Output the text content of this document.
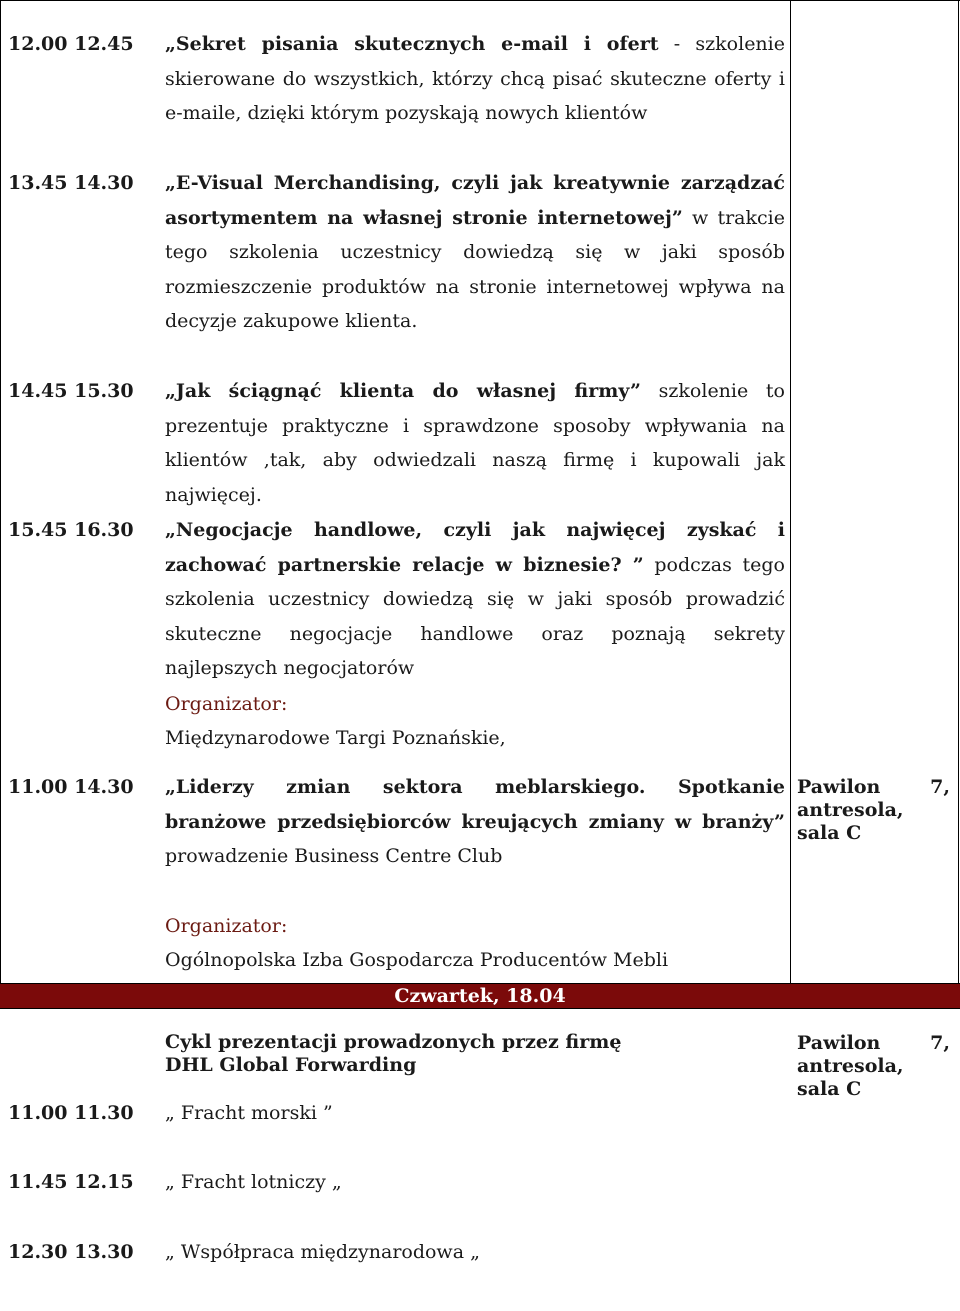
12.00 12.45 „Sekret pisania skutecznych e-mail i ofert - szkolenie skierowane do wszystkich, którzy chcą pisać skuteczne oferty i e-maile, dzięki którym pozyskają nowych klientów
13.45 14.30 „E-Visual Merchandising, czyli jak kreatywnie zarządzać asortymentem na własnej stronie internetowej” w trakcie tego szkolenia uczestnicy dowiedzą się w jaki sposób rozmieszczenie produktów na stronie internetowej wpływa na decyzje zakupowe klienta.
14.45 15.30 „Jak ściągnąć klienta do własnej firmy” szkolenie to prezentuje praktyczne i sprawdzone sposoby wpływania na klientów ,tak, aby odwiedzali naszą firmę i kupowali jak najwięcej.
15.45 16.30 „Negocjacje handlowe, czyli jak najwięcej zyskać i zachować partnerskie relacje w biznesie? ” podczas tego szkolenia uczestnicy dowiedzą się w jaki sposób prowadzić skuteczne negocjacje handlowe oraz poznają sekrety najlepszych negocjatorów
Organizator:
Międzynarodowe Targi Poznańskie,
11.00 14.30 „Liderzy zmian sektora meblarskiego. Spotkanie branżowe przedsiębiorców kreujących zmiany w branży” prowadzenie Business Centre Club
Pawilon 7, antresola, sala C
Organizator:
Ogólnopolska Izba Gospodarcza Producentów Mebli
Czwartek, 18.04
Cykl prezentacji prowadzonych przez firmę
DHL Global Forwarding
Pawilon 7, antresola, sala C
11.00 11.30 „ Fracht morski ”
11.45 12.15 „ Fracht lotniczy „
12.30 13.30 „ Współpraca międzynarodowa „
